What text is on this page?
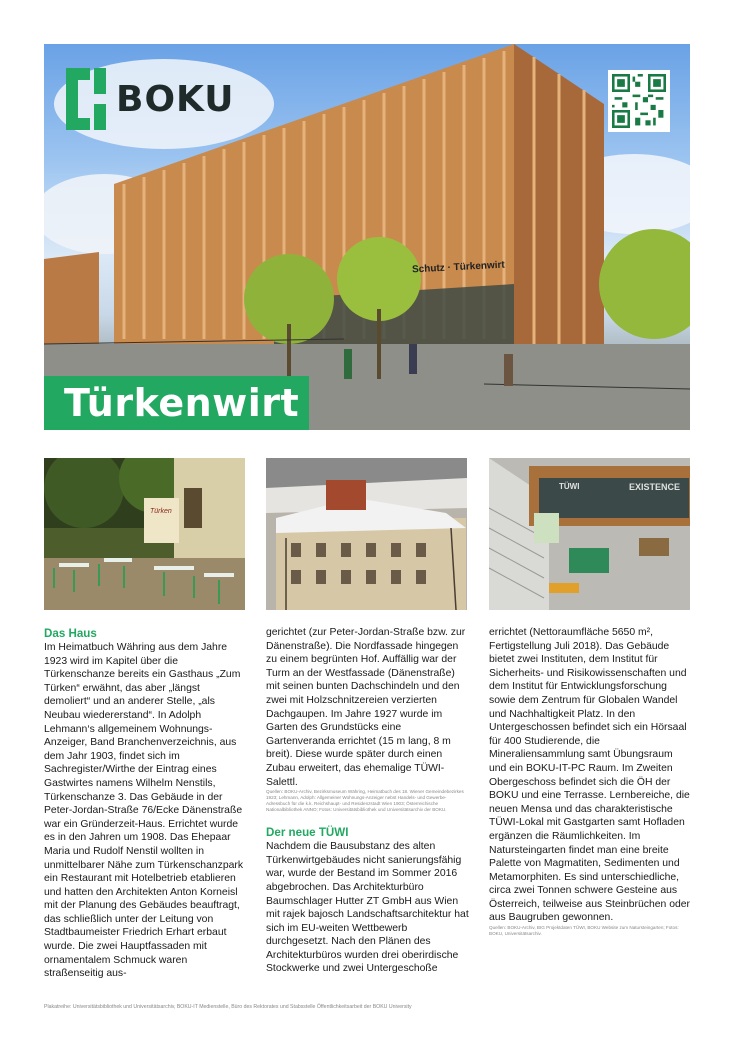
Schutz · Türkenwirt
BOKU
Türkenwirt
Türken
TÜWI	EXISTENCE
Das Haus

Im Heimatbuch Währing aus dem Jahre 1923 wird im Kapitel über die Türkenschanze bereits ein Gasthaus „Zum Türken“ erwähnt, das aber „längst demoliert“ und an anderer Stelle, „als Neubau wiedererstand“. In Adolph Lehmann‘s allgemeinem Wohnungs-Anzeiger, Band Branchenverzeichnis, aus dem Jahr 1903, findet sich im Sachregister/Wirthe der Eintrag eines Gastwirtes namens Wilhelm Nenstils, Türkenschanze 3. Das Gebäude in der Peter-Jordan-Straße 76/Ecke Dänenstraße war ein Gründerzeit-Haus. Errichtet wurde es in den Jahren um 1908. Das Ehepaar Maria und Rudolf Nenstil wollten in unmittelbarer Nähe zum Türkenschanzpark ein Restaurant mit Hotelbetrieb etablieren und hatten den Architekten Anton Korneisl mit der Planung des Gebäudes beauftragt, das schließlich unter der Leitung von Stadtbaumeister Friedrich Erhart erbaut wurde. Die zwei Hauptfassaden mit ornamentalem Schmuck waren straßenseitig aus-

gerichtet (zur Peter-Jordan-Straße bzw. zur Dänenstraße). Die Nordfassade hingegen zu einem begrünten Hof. Auffällig war der Turm an der Westfassade (Dänenstraße) mit seinen bunten Dachschindeln und den zwei mit Holzschnitzereien verzierten Dachgaupen. Im Jahre 1927 wurde im Garten des Grundstücks eine Gartenveranda errichtet (15 m lang, 8 m breit). Diese wurde später durch einen Zubau erweitert, das ehemalige TÜWI-Salettl.

Quellen: BOKU-Archiv, Bezirksmuseum Währing, Heimatbuch des 18. Wiener Gemeindebezirkes 1923; Lehmann, Adolph: Allgemeiner Wohnungs-Anzeiger nebst Handels- und Gewerbe-Adressbuch für die k.k. Reichshaupt- und Residenzstadt Wien 1903; Österreichische Nationalbibliothek ANNO; Fotos: Universitätsbibliothek und Universitätsarchiv der BOKU.

Der neue TÜWI

Nachdem die Bausubstanz des alten Türkenwirtgebäudes nicht sanierungsfähig war, wurde der Bestand im Sommer 2016 abgebrochen. Das Architekturbüro Baumschlager Hutter ZT GmbH aus Wien mit rajek bajosch Landschaftsarchitektur hat sich im EU-weiten Wettbewerb durchgesetzt. Nach den Plänen des Architekturbüros wurden drei oberirdische Stockwerke und zwei Untergeschoße

errichtet (Nettoraumfläche 5650 m², Fertigstellung Juli 2018). Das Gebäude bietet zwei Instituten, dem Institut für Sicherheits- und Risikowissenschaften und dem Institut für Entwicklungsforschung sowie dem Zentrum für Globalen Wandel und Nachhaltigkeit Platz. In den Untergeschossen befindet sich ein Hörsaal für 400 Studierende, die Mineraliensammlung samt Übungsraum und ein BOKU-IT-PC Raum. Im Zweiten Obergeschoss befindet sich die ÖH der BOKU und eine Terrasse. Lernbereiche, die neuen Mensa und das charakteristische TÜWI-Lokal mit Gastgarten samt Hofladen ergänzen die Räumlichkeiten. Im Natursteingarten findet man eine breite Palette von Magmatiten, Sedimenten und Metamorphiten. Es sind unterschiedliche, circa zwei Tonnen schwere Gesteine aus Österreich, teilweise aus Steinbrüchen oder aus Baugruben gewonnen.

Quellen: BOKU-Archiv, BIG Projektdaten TÜWI, BOKU Website zum Natursteingarten; Fotos: BOKU, Universitätsarchiv.

Plakatreihe: Universitätsbibliothek und Universitätsarchiv, BOKU-IT Medienstelle, Büro des Rektorates und Stabsstelle Öffentlichkeitsarbeit der BOKU University
